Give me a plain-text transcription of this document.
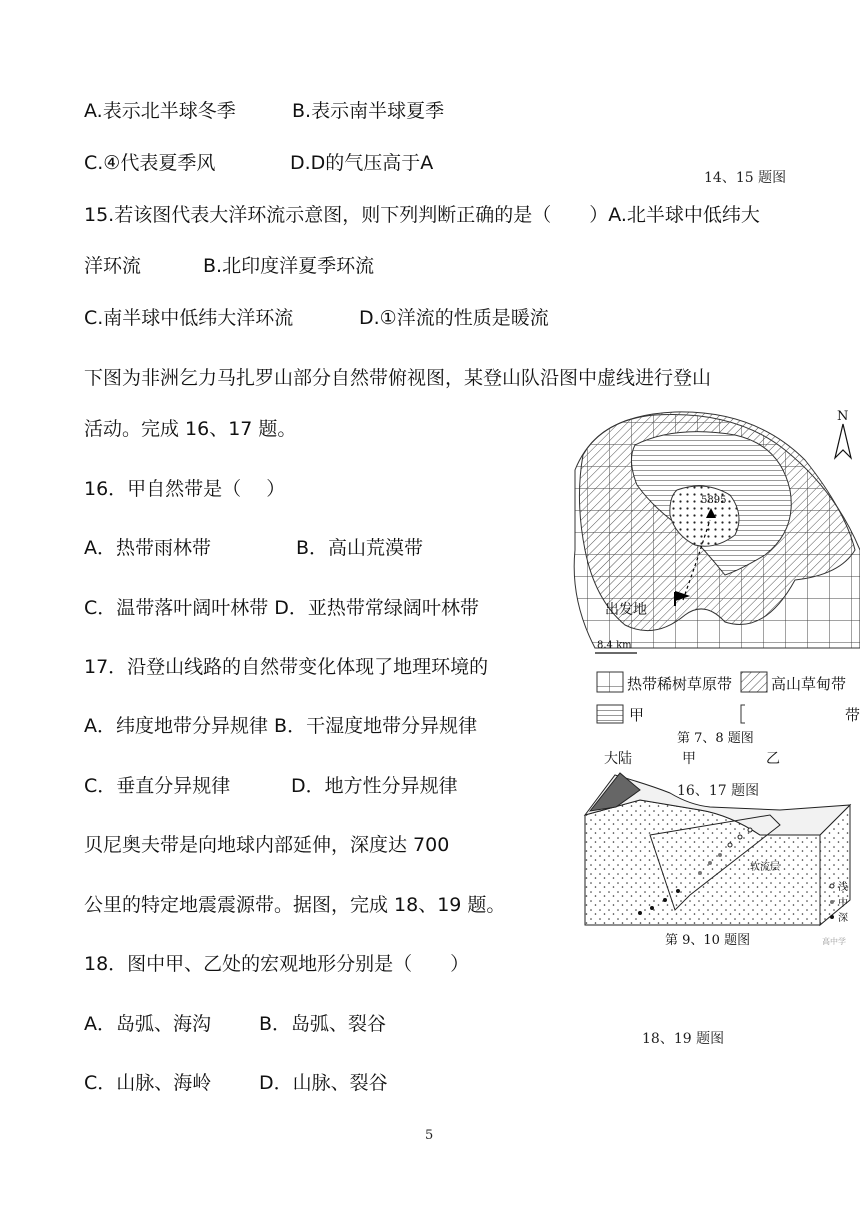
A.表示北半球冬季	B.表示南半球夏季
C.④代表夏季风	D.D的气压高于A
14、15 题图
15.若该图代表大洋环流示意图，则下列判断正确的是（　　）A.北半球中低纬大
洋环流	B.北印度洋夏季环流
C.南半球中低纬大洋环流	D.①洋流的性质是暖流
下图为非洲乞力马扎罗山部分自然带俯视图，某登山队沿图中虚线进行登山
活动。完成 16、17 题。
16．甲自然带是（　 ）
A．热带雨林带	B．高山荒漠带
C．温带落叶阔叶林带 D．亚热带常绿阔叶林带
17．沿登山线路的自然带变化体现了地理环境的
A．纬度地带分异规律 B．干湿度地带分异规律
C．垂直分异规律	D．地方性分异规律
贝尼奥夫带是向地球内部延伸，深度达 700
公里的特定地震震源带。据图，完成 18、19 题。
18．图中甲、乙处的宏观地形分别是（　　）
A．岛弧、海沟	B．岛弧、裂谷
C．山脉、海岭	D．山脉、裂谷
5895
出发地
N
8.4 km
热带稀树草原带	高山草甸带
甲	带
第 7、8 题图
大陆	甲	乙
软流层
浅
中
深
第 9、10 题图	高中学
16、17 题图
18、19 题图
5
